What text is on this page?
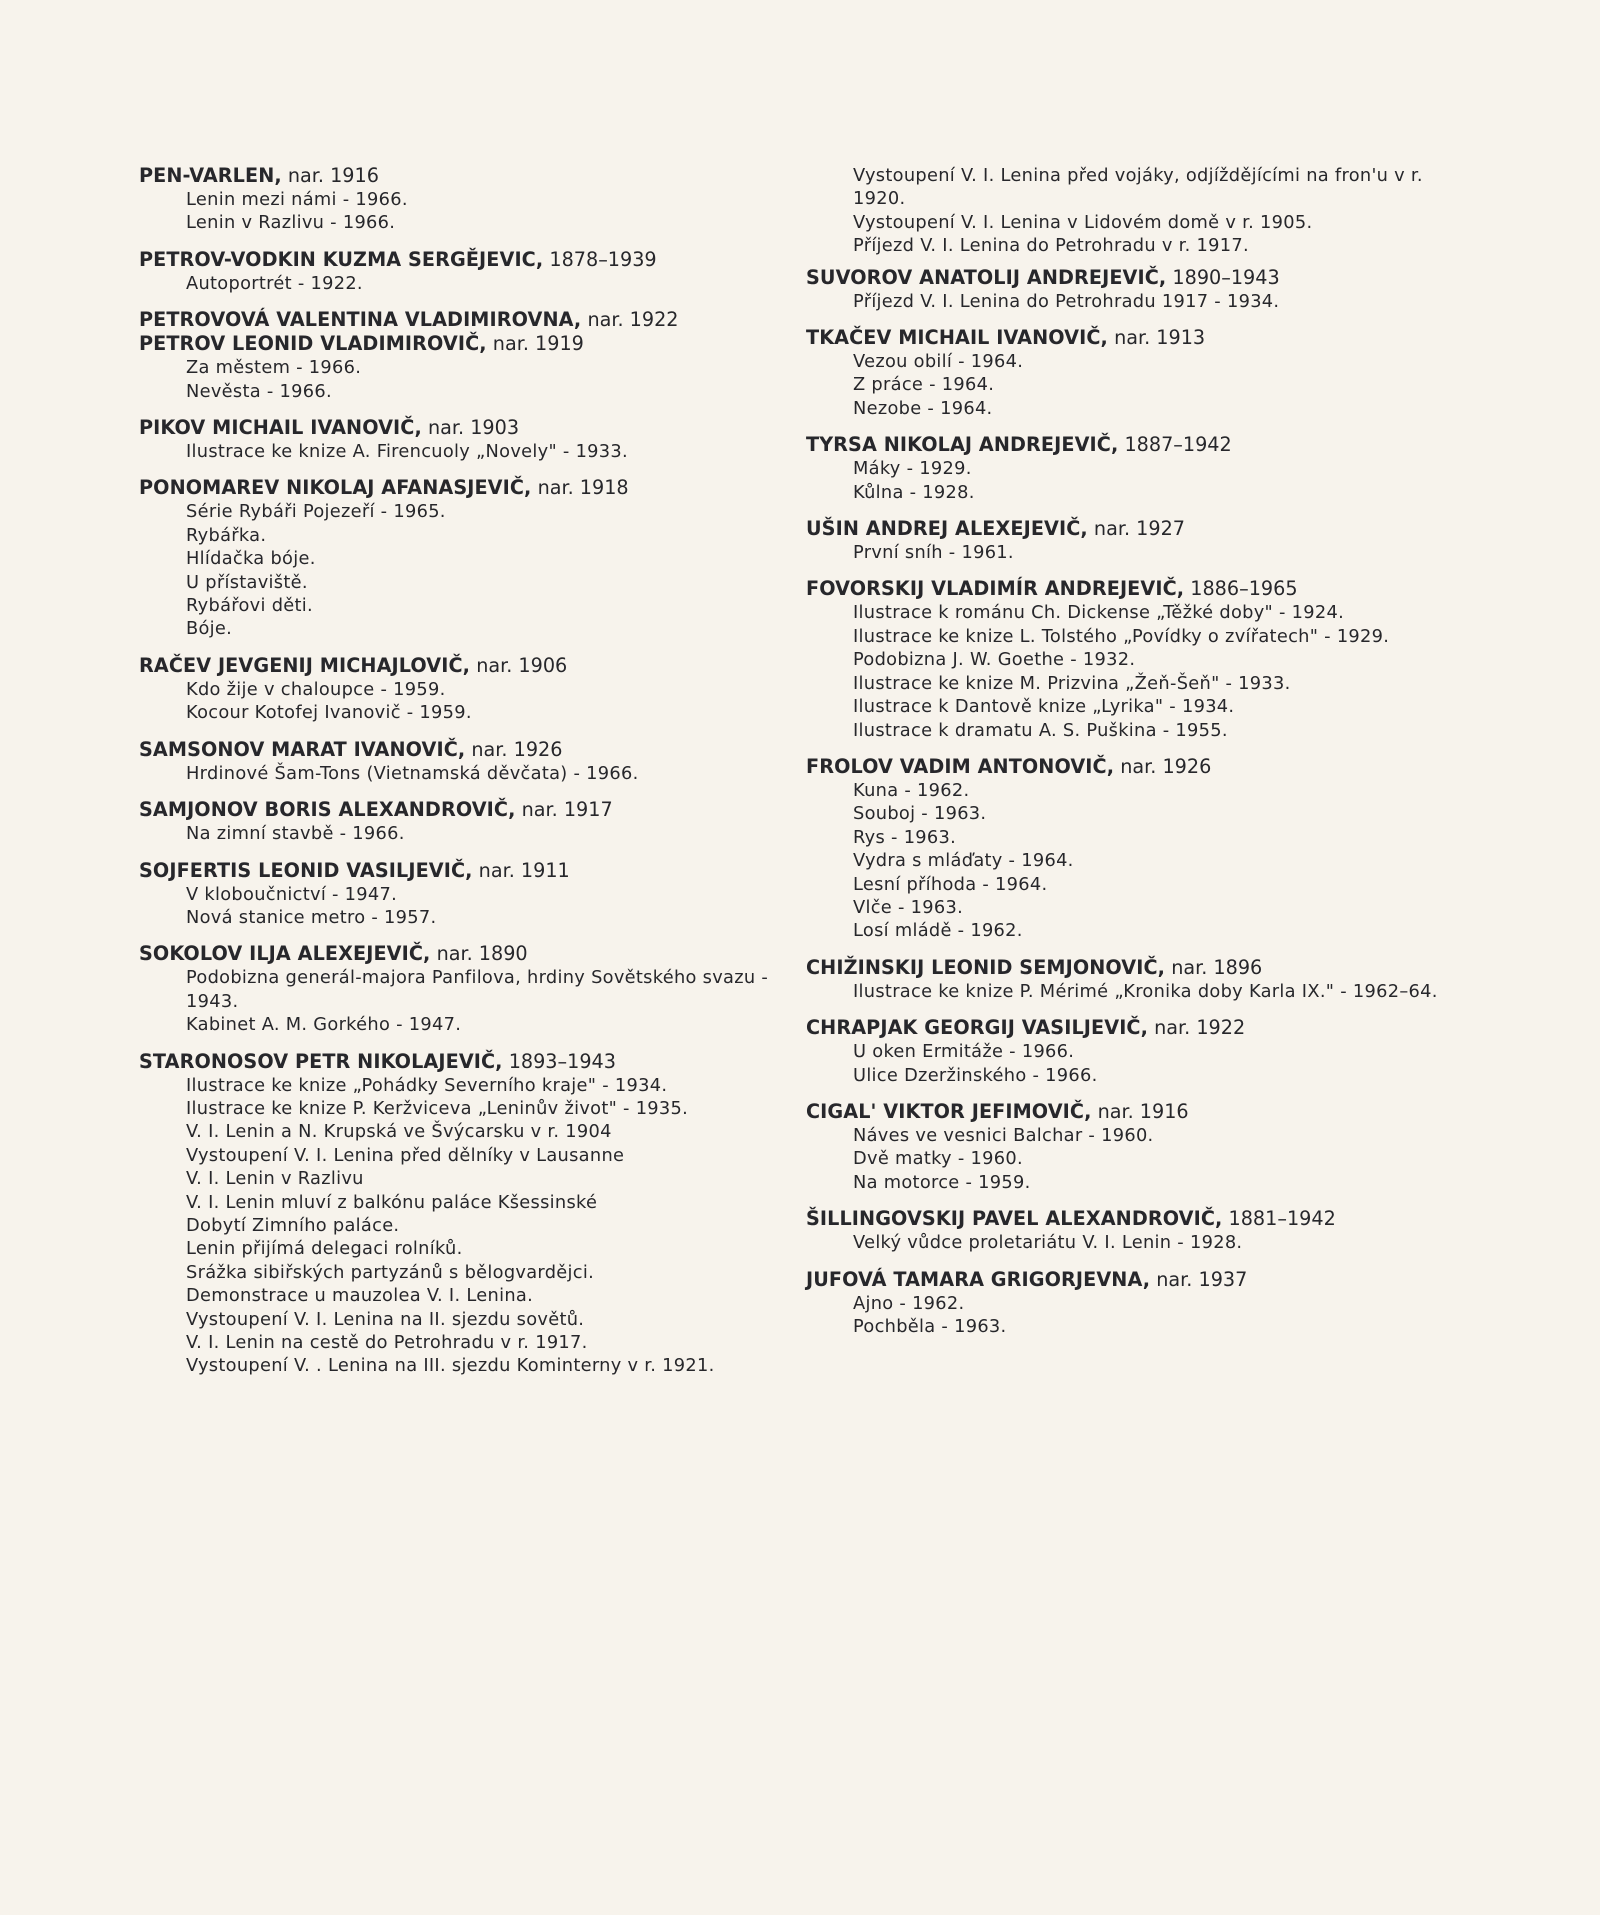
PEN-VARLEN, nar. 1916
Lenin mezi námi - 1966.
Lenin v Razlivu - 1966.
PETROV-VODKIN KUZMA SERGĚJEVIC, 1878–1939
Autoportrét - 1922.
PETROVOVÁ VALENTINA VLADIMIROVNA, nar. 1922
PETROV LEONID VLADIMIROVIČ, nar. 1919
Za městem - 1966.
Nevěsta - 1966.
PIKOV MICHAIL IVANOVIČ, nar. 1903
Ilustrace ke knize A. Firencuoly „Novely" - 1933.
PONOMAREV NIKOLAJ AFANASJEVIČ, nar. 1918
Série Rybáři Pojezeří - 1965.
Rybářka.
Hlídačka bóje.
U přístaviště.
Rybářovi děti.
Bóje.
RAČEV JEVGENIJ MICHAJLOVIČ, nar. 1906
Kdo žije v chaloupce - 1959.
Kocour Kotofej Ivanovič - 1959.
SAMSONOV MARAT IVANOVIČ, nar. 1926
Hrdinové Šam-Tons (Vietnamská děvčata) - 1966.
SAMJONOV BORIS ALEXANDROVIČ, nar. 1917
Na zimní stavbě - 1966.
SOJFERTIS LEONID VASILJEVIČ, nar. 1911
V kloboučnictví - 1947.
Nová stanice metro - 1957.
SOKOLOV ILJA ALEXEJEVIČ, nar. 1890
Podobizna generál-majora Panfilova, hrdiny Sovětského svazu - 1943.
Kabinet A. M. Gorkého - 1947.
STARONOSOV PETR NIKOLAJEVIČ, 1893–1943
Ilustrace ke knize „Pohádky Severního kraje" - 1934.
Ilustrace ke knize P. Keržviceva „Leninův život" - 1935.
V. I. Lenin a N. Krupská ve Švýcarsku v r. 1904
Vystoupení V. I. Lenina před dělníky v Lausanne
V. I. Lenin v Razlivu
V. I. Lenin mluví z balkónu paláce Kšessinské
Dobytí Zimního paláce.
Lenin přijímá delegaci rolníků.
Srážka sibiřských partyzánů s bělogvardějci.
Demonstrace u mauzolea V. I. Lenina.
Vystoupení V. I. Lenina na II. sjezdu sovětů.
V. I. Lenin na cestě do Petrohradu v r. 1917.
Vystoupení V. . Lenina na III. sjezdu Kominterny v r. 1921.
Vystoupení V. I. Lenina před vojáky, odjíždějícími na fron'u v r. 1920.
Vystoupení V. I. Lenina v Lidovém domě v r. 1905.
Příjezd V. I. Lenina do Petrohradu v r. 1917.
SUVOROV ANATOLIJ ANDREJEVIČ, 1890–1943
Příjezd V. I. Lenina do Petrohradu 1917 - 1934.
TKAČEV MICHAIL IVANOVIČ, nar. 1913
Vezou obilí - 1964.
Z práce - 1964.
Nezobe - 1964.
TYRSA NIKOLAJ ANDREJEVIČ, 1887–1942
Máky - 1929.
Kůlna - 1928.
UŠIN ANDREJ ALEXEJEVIČ, nar. 1927
První sníh - 1961.
FOVORSKIJ VLADIMÍR ANDREJEVIČ, 1886–1965
Ilustrace k románu Ch. Dickense „Těžké doby" - 1924.
Ilustrace ke knize L. Tolstého „Povídky o zvířatech" - 1929.
Podobizna J. W. Goethe - 1932.
Ilustrace ke knize M. Prizvina „Žeň-Šeň" - 1933.
Ilustrace k Dantově knize „Lyrika" - 1934.
Ilustrace k dramatu A. S. Puškina - 1955.
FROLOV VADIM ANTONOVIČ, nar. 1926
Kuna - 1962.
Souboj - 1963.
Rys - 1963.
Vydra s mláďaty - 1964.
Lesní příhoda - 1964.
Vlče - 1963.
Losí mládě - 1962.
CHIŽINSKIJ LEONID SEMJONOVIČ, nar. 1896
Ilustrace ke knize P. Mérimé „Kronika doby Karla IX." - 1962–64.
CHRAPJAK GEORGIJ VASILJEVIČ, nar. 1922
U oken Ermitáže - 1966.
Ulice Dzeržinského - 1966.
CIGAL' VIKTOR JEFIMOVIČ, nar. 1916
Náves ve vesnici Balchar - 1960.
Dvě matky - 1960.
Na motorce - 1959.
ŠILLINGOVSKIJ PAVEL ALEXANDROVIČ, 1881–1942
Velký vůdce proletariátu V. I. Lenin - 1928.
JUFOVÁ TAMARA GRIGORJEVNA, nar. 1937
Ajno - 1962.
Pochběla - 1963.
